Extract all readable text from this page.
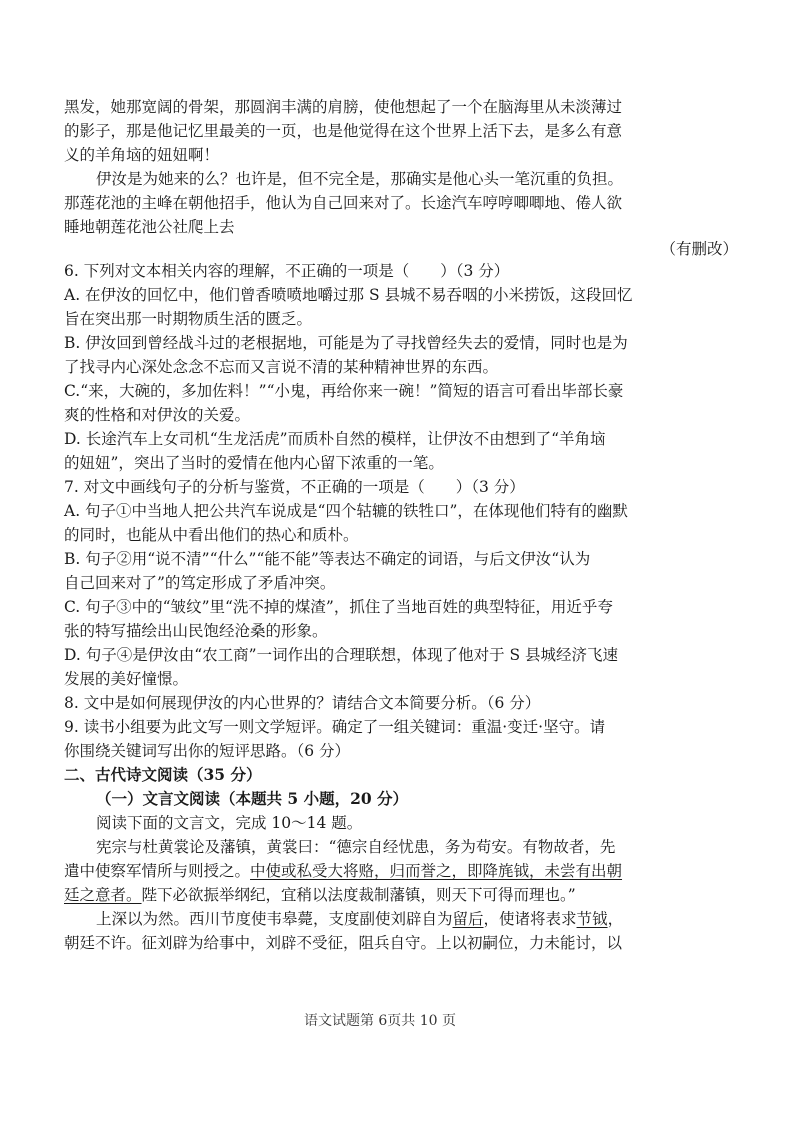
黑发，她那宽阔的骨架，那圆润丰满的肩膀，使他想起了一个在脑海里从未淡薄过
的影子，那是他记忆里最美的一页，也是他觉得在这个世界上活下去，是多么有意
义的羊角垴的妞妞啊！
伊汝是为她来的么？也许是，但不完全是，那确实是他心头一笔沉重的负担。
那莲花池的主峰在朝他招手，他认为自己回来对了。长途汽车哼哼唧唧地、倦人欲
睡地朝莲花池公社爬上去
（有删改）
6. 下列对文本相关内容的理解，不正确的一项是（　　）（3 分）
A. 在伊汝的回忆中，他们曾香喷喷地嚼过那 S 县城不易吞咽的小米捞饭，这段回忆
旨在突出那一时期物质生活的匮乏。
B. 伊汝回到曾经战斗过的老根据地，可能是为了寻找曾经失去的爱情，同时也是为
了找寻内心深处念念不忘而又言说不清的某种精神世界的东西。
C.“来，大碗的，多加佐料！”“小鬼，再给你来一碗！”简短的语言可看出毕部长豪
爽的性格和对伊汝的关爱。
D. 长途汽车上女司机“生龙活虎”而质朴自然的模样，让伊汝不由想到了“羊角垴
的妞妞”，突出了当时的爱情在他内心留下浓重的一笔。
7. 对文中画线句子的分析与鉴赏，不正确的一项是（　　）（3 分）
A. 句子①中当地人把公共汽车说成是“四个轱辘的铁牲口”，在体现他们特有的幽默
的同时，也能从中看出他们的热心和质朴。
B. 句子②用“说不清”“什么”“能不能”等表达不确定的词语，与后文伊汝“认为
自己回来对了”的笃定形成了矛盾冲突。
C. 句子③中的“皱纹”里“洗不掉的煤渣”，抓住了当地百姓的典型特征，用近乎夸
张的特写描绘出山民饱经沧桑的形象。
D. 句子④是伊汝由“农工商”一词作出的合理联想，体现了他对于 S 县城经济飞速
发展的美好憧憬。
8. 文中是如何展现伊汝的内心世界的？请结合文本简要分析。（6 分）
9. 读书小组要为此文写一则文学短评。确定了一组关键词：重温·变迁·坚守。请
你围绕关键词写出你的短评思路。（6 分）
二、古代诗文阅读（35 分）
（一）文言文阅读（本题共 5 小题，20 分）
阅读下面的文言文，完成 10～14 题。
宪宗与杜黄裳论及藩镇，黄裳曰：“德宗自经忧患，务为苟安。有物故者，先
遣中使察军情所与则授之。中使或私受大将赂，归而誉之，即降旄钺，未尝有出朝
廷之意者。陛下必欲振举纲纪，宜稍以法度裁制藩镇，则天下可得而理也。”
上深以为然。西川节度使韦皋薨，支度副使刘辟自为留后，使诸将表求节钺，
朝廷不许。征刘辟为给事中，刘辟不受征，阻兵自守。上以初嗣位，力未能讨，以
语文试题第 6页共 10 页
